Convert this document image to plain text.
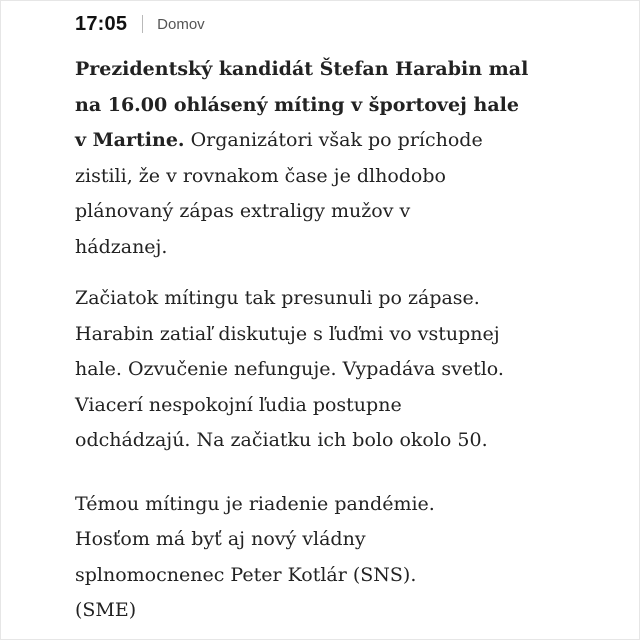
17:05 Domov

Prezidentský kandidát Štefan Harabin mal
na 16.00 ohlásený míting v športovej hale
v Martine. Organizátori však po príchode
zistili, že v rovnakom čase je dlhodobo
plánovaný zápas extraligy mužov v
hádzanej.

Začiatok mítingu tak presunuli po zápase.
Harabin zatiaľ diskutuje s ľuďmi vo vstupnej
hale. Ozvučenie nefunguje. Vypadáva svetlo.
Viacerí nespokojní ľudia postupne
odchádzajú. Na začiatku ich bolo okolo 50.

Témou mítingu je riadenie pandémie.
Hosťom má byť aj nový vládny
splnomocnenec Peter Kotlár (SNS).
(SME)
